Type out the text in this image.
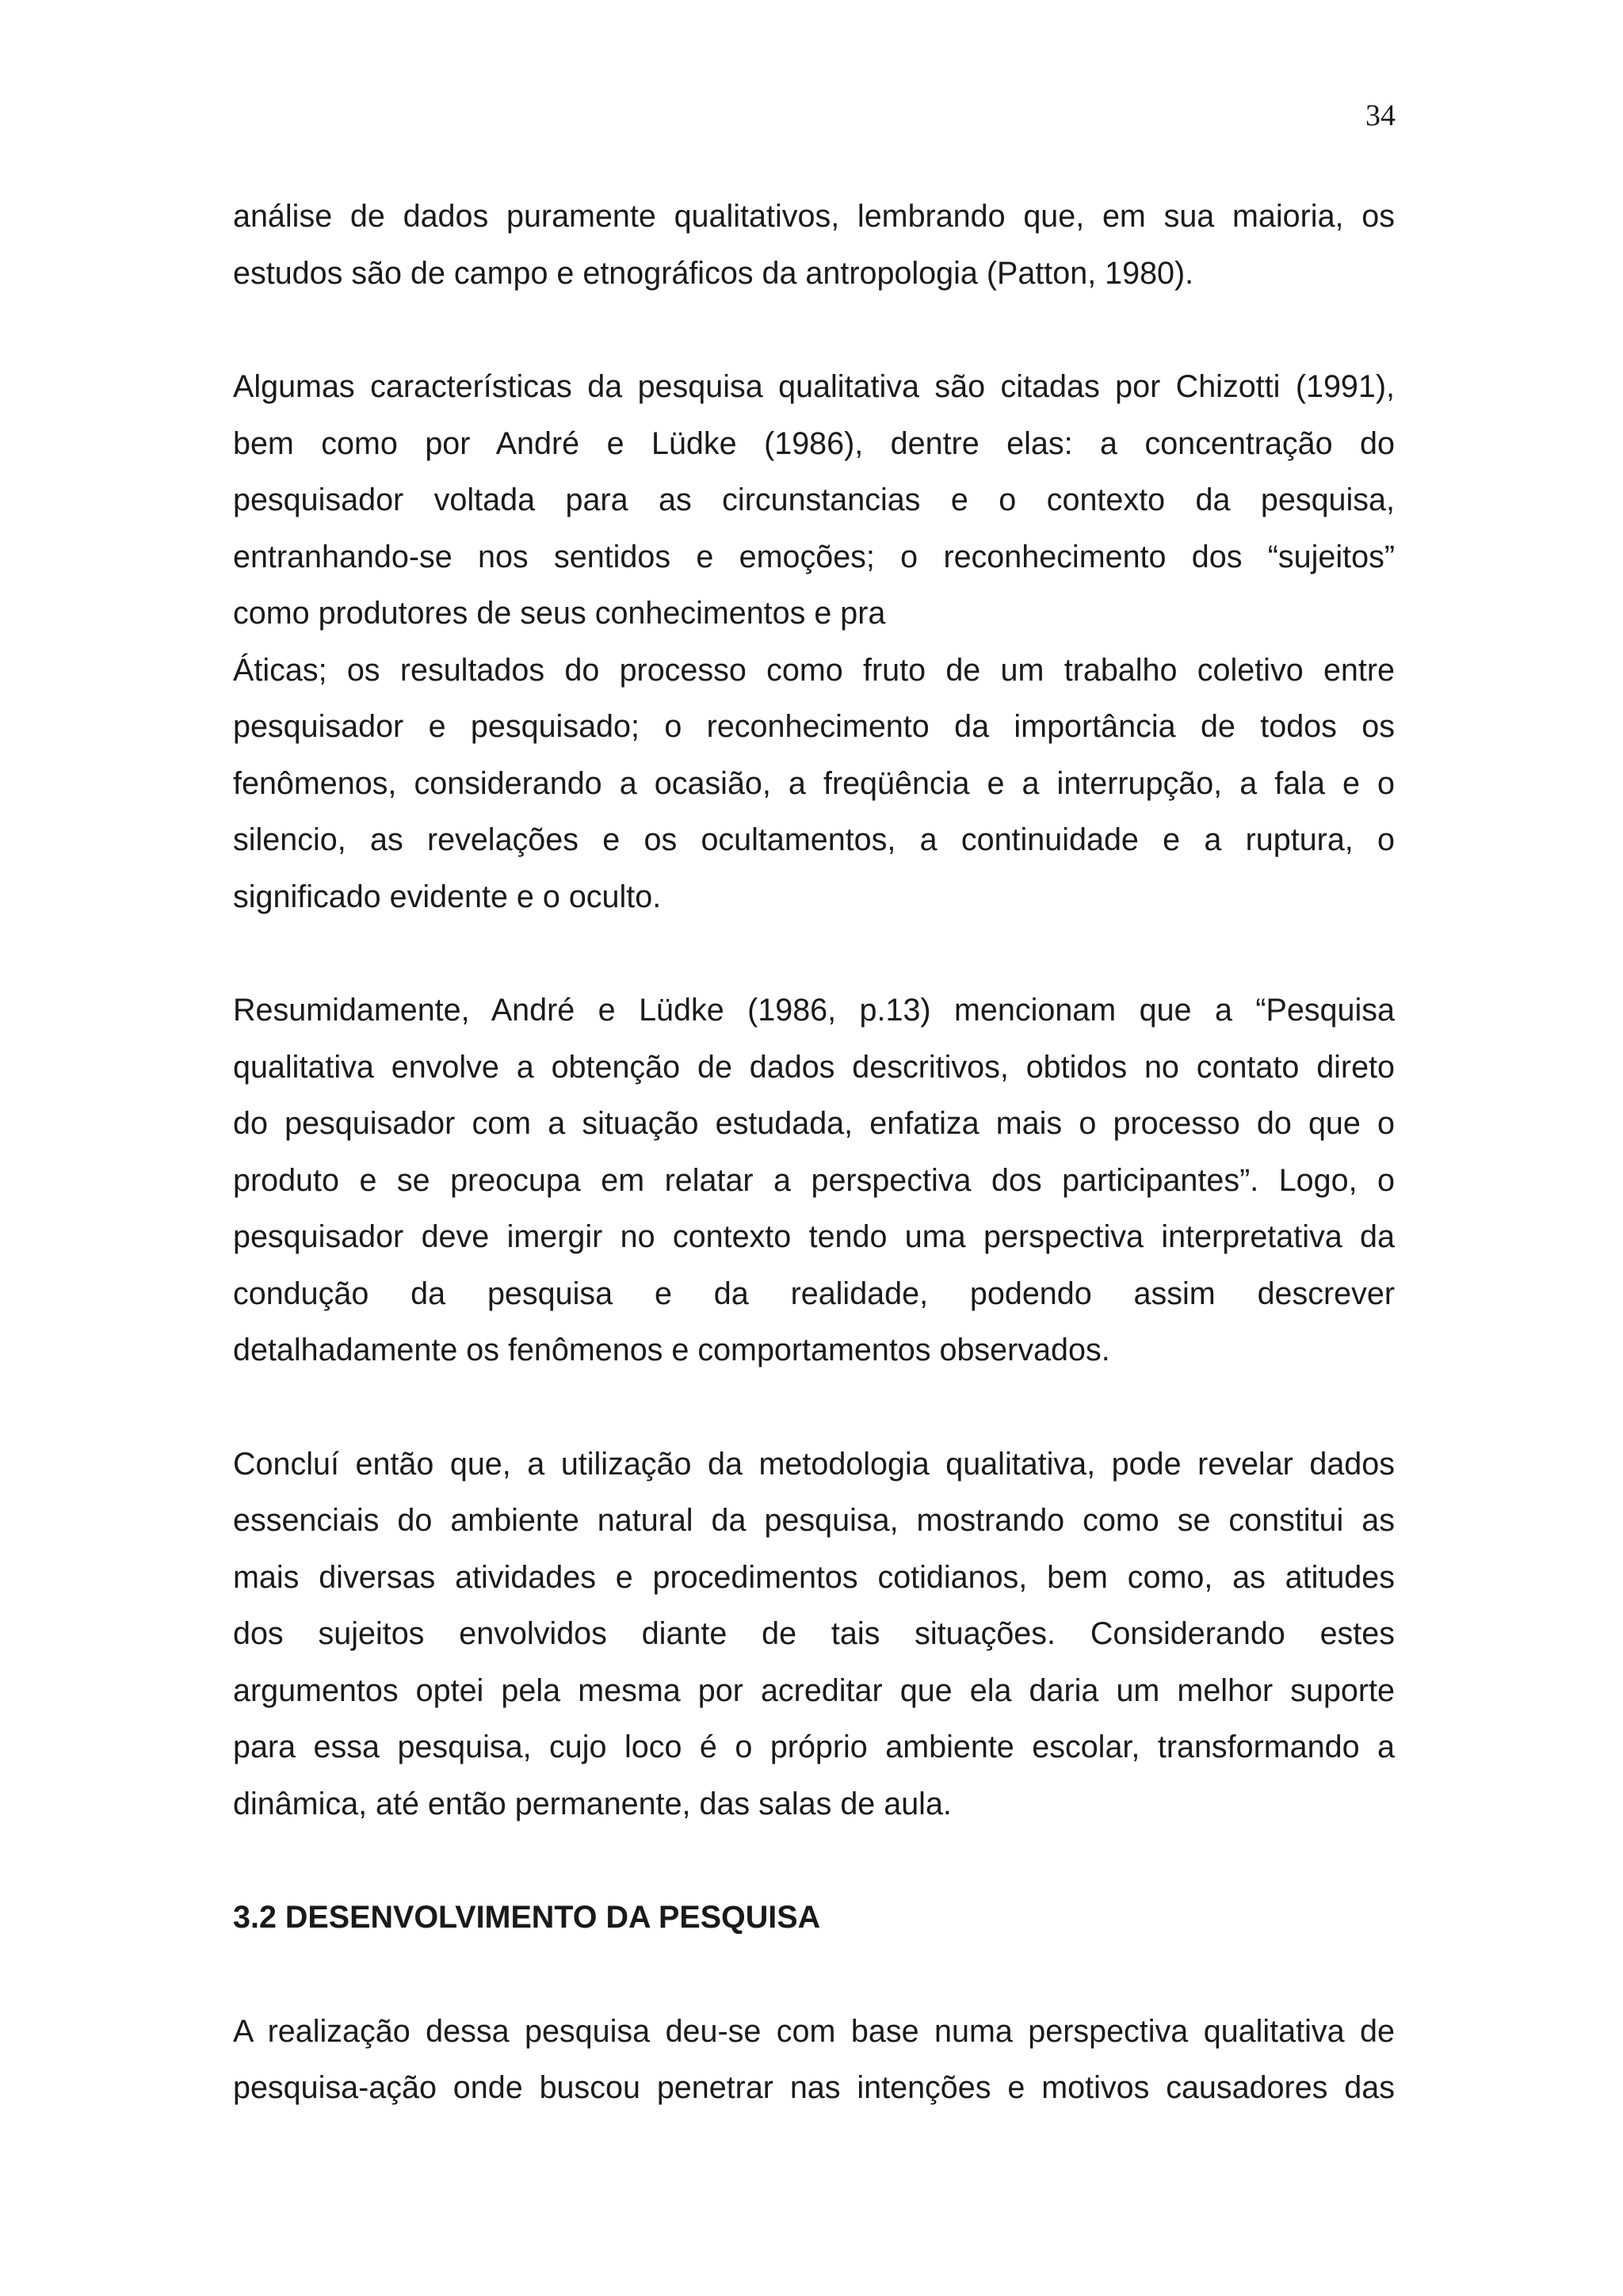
34
análise de dados puramente qualitativos, lembrando que, em sua maioria, os
estudos são de campo e etnográficos da antropologia (Patton, 1980).
Algumas características da pesquisa qualitativa são citadas por Chizotti (1991),
bem como por André e Lüdke (1986), dentre elas: a concentração do
pesquisador voltada para as circunstancias e o contexto da pesquisa,
entranhando-se nos sentidos e emoções; o reconhecimento dos “sujeitos”
como produtores de seus conhecimentos e pra
Áticas; os resultados do processo como fruto de um trabalho coletivo entre
pesquisador e pesquisado; o reconhecimento da importância de todos os
fenômenos, considerando a ocasião, a freqüência e a interrupção, a fala e o
silencio, as revelações e os ocultamentos, a continuidade e a ruptura, o
significado evidente e o oculto.
Resumidamente, André e Lüdke (1986, p.13) mencionam que a “Pesquisa
qualitativa envolve a obtenção de dados descritivos, obtidos no contato direto
do pesquisador com a situação estudada, enfatiza mais o processo do que o
produto e se preocupa em relatar a perspectiva dos participantes”. Logo, o
pesquisador deve imergir no contexto tendo uma perspectiva interpretativa da
condução da pesquisa e da realidade, podendo assim descrever
detalhadamente os fenômenos e comportamentos observados.
Concluí então que, a utilização da metodologia qualitativa, pode revelar dados
essenciais do ambiente natural da pesquisa, mostrando como se constitui as
mais diversas atividades e procedimentos cotidianos, bem como, as atitudes
dos sujeitos envolvidos diante de tais situações. Considerando estes
argumentos optei pela mesma por acreditar que ela daria um melhor suporte
para essa pesquisa, cujo loco é o próprio ambiente escolar, transformando a
dinâmica, até então permanente, das salas de aula.
3.2 DESENVOLVIMENTO DA PESQUISA
A realização dessa pesquisa deu-se com base numa perspectiva qualitativa de
pesquisa-ação onde buscou penetrar nas intenções e motivos causadores das
